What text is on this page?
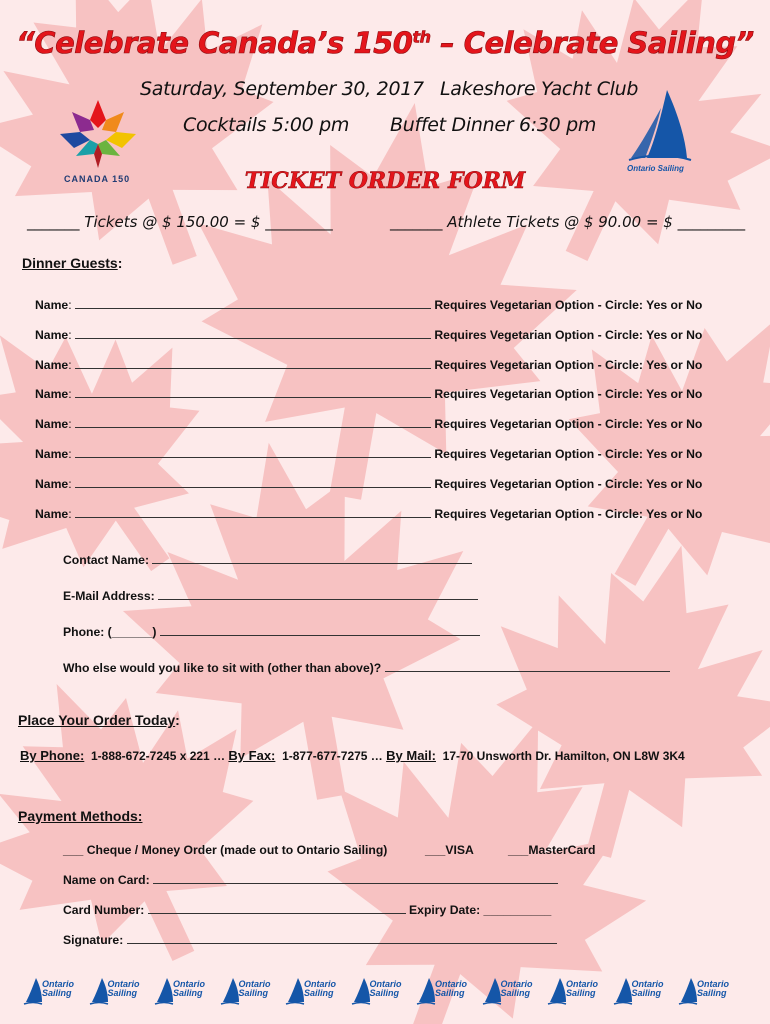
“Celebrate Canada’s 150th – Celebrate Sailing”
Saturday, September 30, 2017 Lakeshore Yacht Club
Cocktails 5:00 pm Buffet Dinner 6:30 pm
CANADA 150
Ontario Sailing
TICKET ORDER FORM
_______ Tickets @ $ 150.00 = $ _________	_______ Athlete Tickets @ $ 90.00 = $ _________
Dinner Guests:
Name:	Requires Vegetarian Option - Circle: Yes or No
Name:	Requires Vegetarian Option - Circle: Yes or No
Name:	Requires Vegetarian Option - Circle: Yes or No
Name:	Requires Vegetarian Option - Circle: Yes or No
Name:	Requires Vegetarian Option - Circle: Yes or No
Name:	Requires Vegetarian Option - Circle: Yes or No
Name:	Requires Vegetarian Option - Circle: Yes or No
Name:	Requires Vegetarian Option - Circle: Yes or No
Contact Name:
E-Mail Address:
Phone: (______)
Who else would you like to sit with (other than above)?
Place Your Order Today:
By Phone: 1-888-672-7245 x 221 … By Fax: 1-877-677-7275 … By Mail: 17-70 Unsworth Dr. Hamilton, ON L8W 3K4
Payment Methods:
___ Cheque / Money Order (made out to Ontario Sailing)	___VISA	___MasterCard
Name on Card:
Card Number:	Expiry Date: __________
Signature:
Ontario
Sailing
Ontario
Sailing
Ontario
Sailing
Ontario
Sailing
Ontario
Sailing
Ontario
Sailing
Ontario
Sailing
Ontario
Sailing
Ontario
Sailing
Ontario
Sailing
Ontario
Sailing
